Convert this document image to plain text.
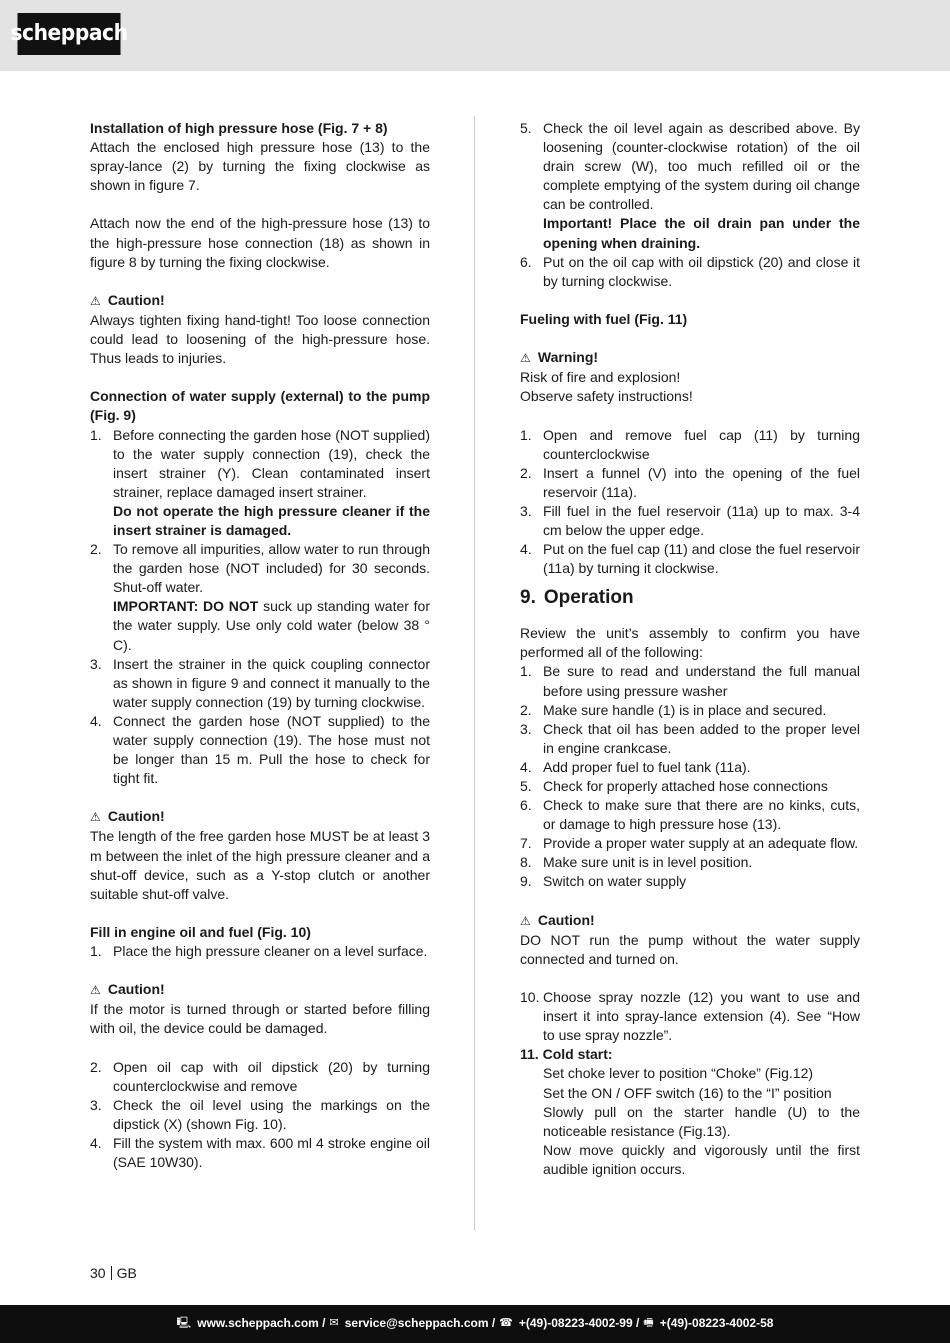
scheppach

Installation of high pressure hose (Fig. 7 + 8)

Attach the enclosed high pressure hose (13) to the spray-lance (2) by turning the fixing clockwise as shown in figure 7.

Attach now the end of the high-pressure hose (13) to the high-pressure hose connection (18) as shown in figure 8 by turning the fixing clockwise.

⚠ Caution!

Always tighten fixing hand-tight! Too loose connection could lead to loosening of the high-pressure hose. Thus leads to injuries.

Connection of water supply (external) to the pump (Fig. 9)

1. Before connecting the garden hose (NOT supplied) to the water supply connection (19), check the insert strainer (Y). Clean contaminated insert strainer, replace damaged insert strainer.
Do not operate the high pressure cleaner if the insert strainer is damaged.
2. To remove all impurities, allow water to run through the garden hose (NOT included) for 30 seconds. Shut-off water.
IMPORTANT: DO NOT suck up standing water for the water supply. Use only cold water (below 38 ° C).
3. Insert the strainer in the quick coupling connector as shown in figure 9 and connect it manually to the water supply connection (19) by turning clockwise.
4. Connect the garden hose (NOT supplied) to the water supply connection (19). The hose must not be longer than 15 m. Pull the hose to check for tight fit.

⚠ Caution!

The length of the free garden hose MUST be at least 3 m between the inlet of the high pressure cleaner and a shut-off device, such as a Y-stop clutch or another suitable shut-off valve.

Fill in engine oil and fuel (Fig. 10)

1. Place the high pressure cleaner on a level surface.

⚠ Caution!

If the motor is turned through or started before filling with oil, the device could be damaged.

2. Open oil cap with oil dipstick (20) by turning counterclockwise and remove
3. Check the oil level using the markings on the dipstick (X) (shown Fig. 10).
4. Fill the system with max. 600 ml 4 stroke engine oil (SAE 10W30).
5. Check the oil level again as described above. By loosening (counter-clockwise rotation) of the oil drain screw (W), too much refilled oil or the complete emptying of the system during oil change can be controlled.
Important! Place the oil drain pan under the opening when draining.
6. Put on the oil cap with oil dipstick (20) and close it by turning clockwise.

Fueling with fuel (Fig. 11)

⚠ Warning!

Risk of fire and explosion!

Observe safety instructions!

1. Open and remove fuel cap (11) by turning counterclockwise
2. Insert a funnel (V) into the opening of the fuel reservoir (11a).
3. Fill fuel in the fuel reservoir (11a) up to max. 3-4 cm below the upper edge.
4. Put on the fuel cap (11) and close the fuel reservoir (11a) by turning it clockwise.
9. Operation

Review the unit’s assembly to confirm you have performed all of the following:

1. Be sure to read and understand the full manual before using pressure washer
2. Make sure handle (1) is in place and secured.
3. Check that oil has been added to the proper level in engine crankcase.
4. Add proper fuel to fuel tank (11a).
5. Check for properly attached hose connections
6. Check to make sure that there are no kinks, cuts, or damage to high pressure hose (13).
7. Provide a proper water supply at an adequate flow.
8. Make sure unit is in level position.
9. Switch on water supply

⚠ Caution!

DO NOT run the pump without the water supply connected and turned on.

10. Choose spray nozzle (12) you want to use and insert it into spray-lance extension (4). See “How to use spray nozzle”.

11. Cold start:

Set choke lever to position “Choke” (Fig.12)

Set the ON / OFF switch (16) to the “I” position

Slowly pull on the starter handle (U) to the noticeable resistance (Fig.13).

Now move quickly and vigorously until the first audible ignition occurs.

30 GB
🖳 www.scheppach.com / ✉ service@scheppach.com / ☎ +(49)-08223-4002-99 / 🖷 +(49)-08223-4002-58
